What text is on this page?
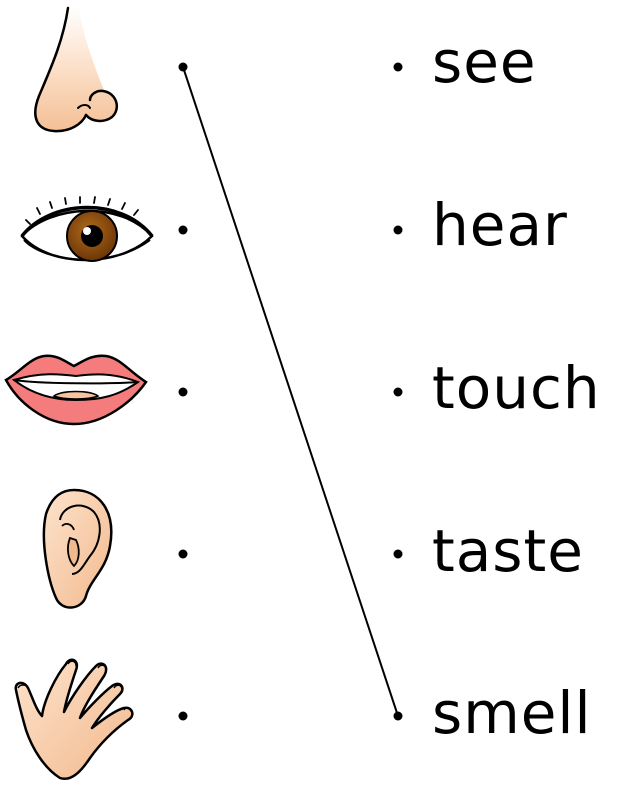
see
hear
touch
taste
smell
